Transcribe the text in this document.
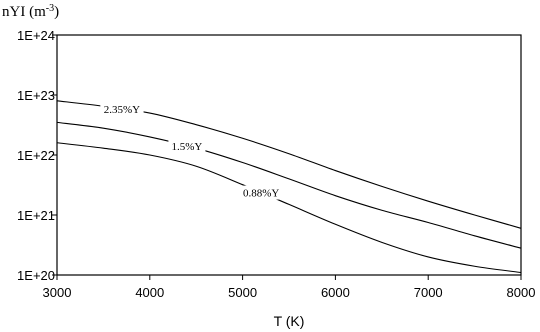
nYI $(m^{-3})$
3000	4000	5000	6000	7000	8000
1E+20
1E+21
1E+22
1E+23
1E+24
2.35%Y
1.5%Y
0.88%Y
T (K)
